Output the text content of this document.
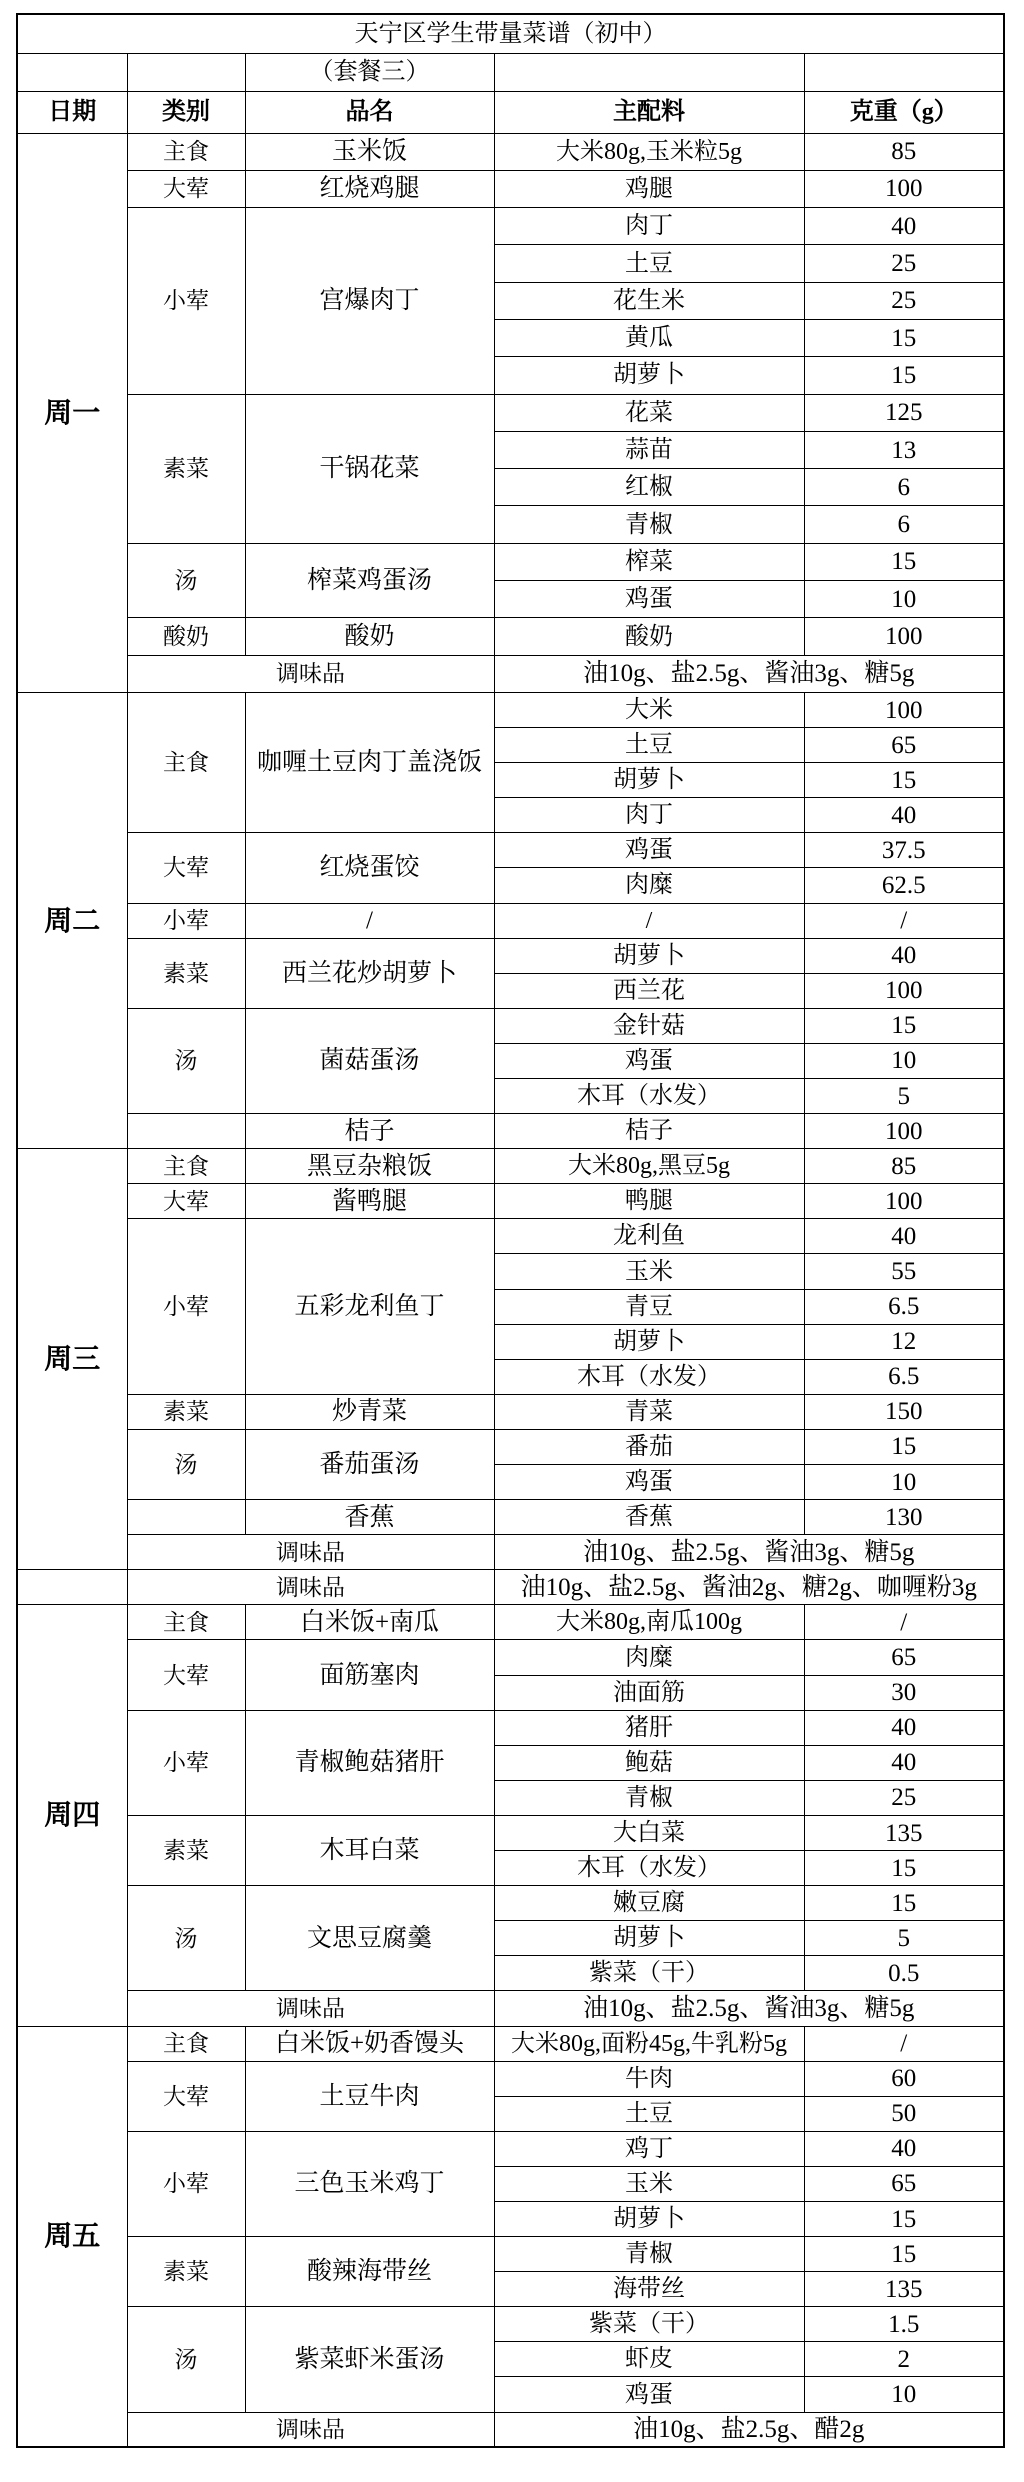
天宁区学生带量菜谱（初中）				
		（套餐三）		
日期	类别	品名	主配料	克重（g）
周一	主食	玉米饭	大米80g,玉米粒5g	85
	大荤	红烧鸡腿	鸡腿	100
	小荤	宫爆肉丁	肉丁	40
			土豆	25
			花生米	25
			黄瓜	15
			胡萝卜	15
	素菜	干锅花菜	花菜	125
			蒜苗	13
			红椒	6
			青椒	6
	汤	榨菜鸡蛋汤	榨菜	15
			鸡蛋	10
	酸奶	酸奶	酸奶	100
	调味品		油10g、盐2.5g、酱油3g、糖5g	
周二	主食	咖喱土豆肉丁盖浇饭	大米	100
			土豆	65
			胡萝卜	15
			肉丁	40
	大荤	红烧蛋饺	鸡蛋	37.5
			肉糜	62.5
	小荤	/	/	/
	素菜	西兰花炒胡萝卜	胡萝卜	40
			西兰花	100
	汤	菌菇蛋汤	金针菇	15
			鸡蛋	10
			木耳（水发）	5
		桔子	桔子	100
周三	主食	黑豆杂粮饭	大米80g,黑豆5g	85
	大荤	酱鸭腿	鸭腿	100
	小荤	五彩龙利鱼丁	龙利鱼	40
			玉米	55
			青豆	6.5
			胡萝卜	12
			木耳（水发）	6.5
	素菜	炒青菜	青菜	150
	汤	番茄蛋汤	番茄	15
			鸡蛋	10
		香蕉	香蕉	130
	调味品		油10g、盐2.5g、酱油3g、糖5g	
	调味品		油10g、盐2.5g、酱油2g、糖2g、咖喱粉3g	
周四	主食	白米饭+南瓜	大米80g,南瓜100g	/
	大荤	面筋塞肉	肉糜	65
			油面筋	30
	小荤	青椒鲍菇猪肝	猪肝	40
			鲍菇	40
			青椒	25
	素菜	木耳白菜	大白菜	135
			木耳（水发）	15
	汤	文思豆腐羹	嫩豆腐	15
			胡萝卜	5
			紫菜（干）	0.5
	调味品		油10g、盐2.5g、酱油3g、糖5g	
周五	主食	白米饭+奶香馒头	大米80g,面粉45g,牛乳粉5g	/
	大荤	土豆牛肉	牛肉	60
			土豆	50
	小荤	三色玉米鸡丁	鸡丁	40
			玉米	65
			胡萝卜	15
	素菜	酸辣海带丝	青椒	15
			海带丝	135
	汤	紫菜虾米蛋汤	紫菜（干）	1.5
			虾皮	2
			鸡蛋	10
	调味品		油10g、盐2.5g、醋2g	
